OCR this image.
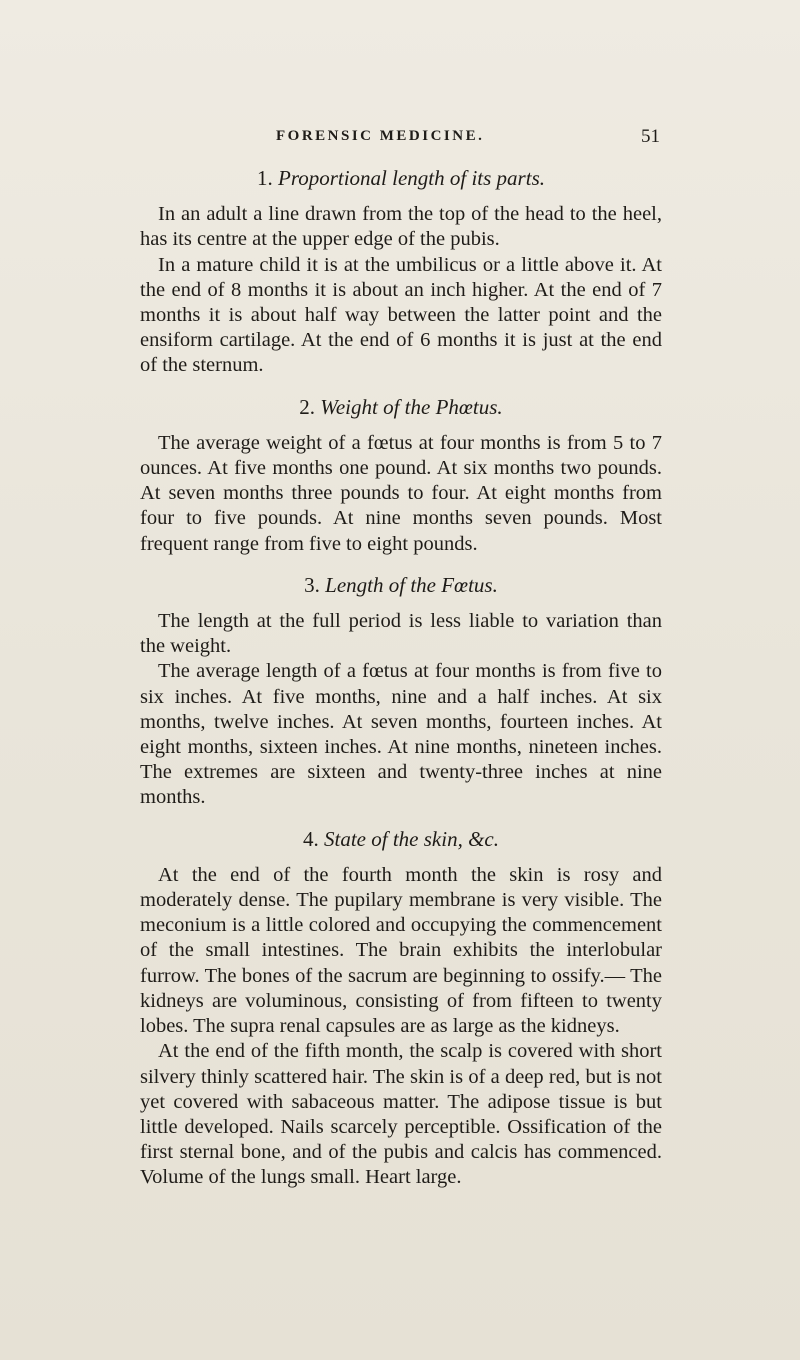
FORENSIC MEDICINE.	51

1. Proportional length of its parts.

In an adult a line drawn from the top of the head to the heel, has its centre at the upper edge of the pubis.

In a mature child it is at the umbilicus or a little above it. At the end of 8 months it is about an inch higher. At the end of 7 months it is about half way between the latter point and the ensiform cartilage. At the end of 6 months it is just at the end of the sternum.

2. Weight of the Phœtus.

The average weight of a fœtus at four months is from 5 to 7 ounces. At five months one pound. At six months two pounds. At seven months three pounds to four. At eight months from four to five pounds. At nine months seven pounds. Most frequent range from five to eight pounds.

3. Length of the Fœtus.

The length at the full period is less liable to variation than the weight.

The average length of a fœtus at four months is from five to six inches. At five months, nine and a half inches. At six months, twelve inches. At seven months, fourteen inches. At eight months, sixteen inches. At nine months, nineteen inches. The extremes are sixteen and twenty-three inches at nine months.

4. State of the skin, &c.

At the end of the fourth month the skin is rosy and moderately dense. The pupilary membrane is very visible. The meconium is a little colored and occupying the commencement of the small intestines. The brain exhibits the interlobular furrow. The bones of the sacrum are beginning to ossify.— The kidneys are voluminous, consisting of from fifteen to twenty lobes. The supra renal capsules are as large as the kidneys.

At the end of the fifth month, the scalp is covered with short silvery thinly scattered hair. The skin is of a deep red, but is not yet covered with sabaceous matter. The adipose tissue is but little developed. Nails scarcely perceptible. Ossification of the first sternal bone, and of the pubis and calcis has commenced. Volume of the lungs small. Heart large.
